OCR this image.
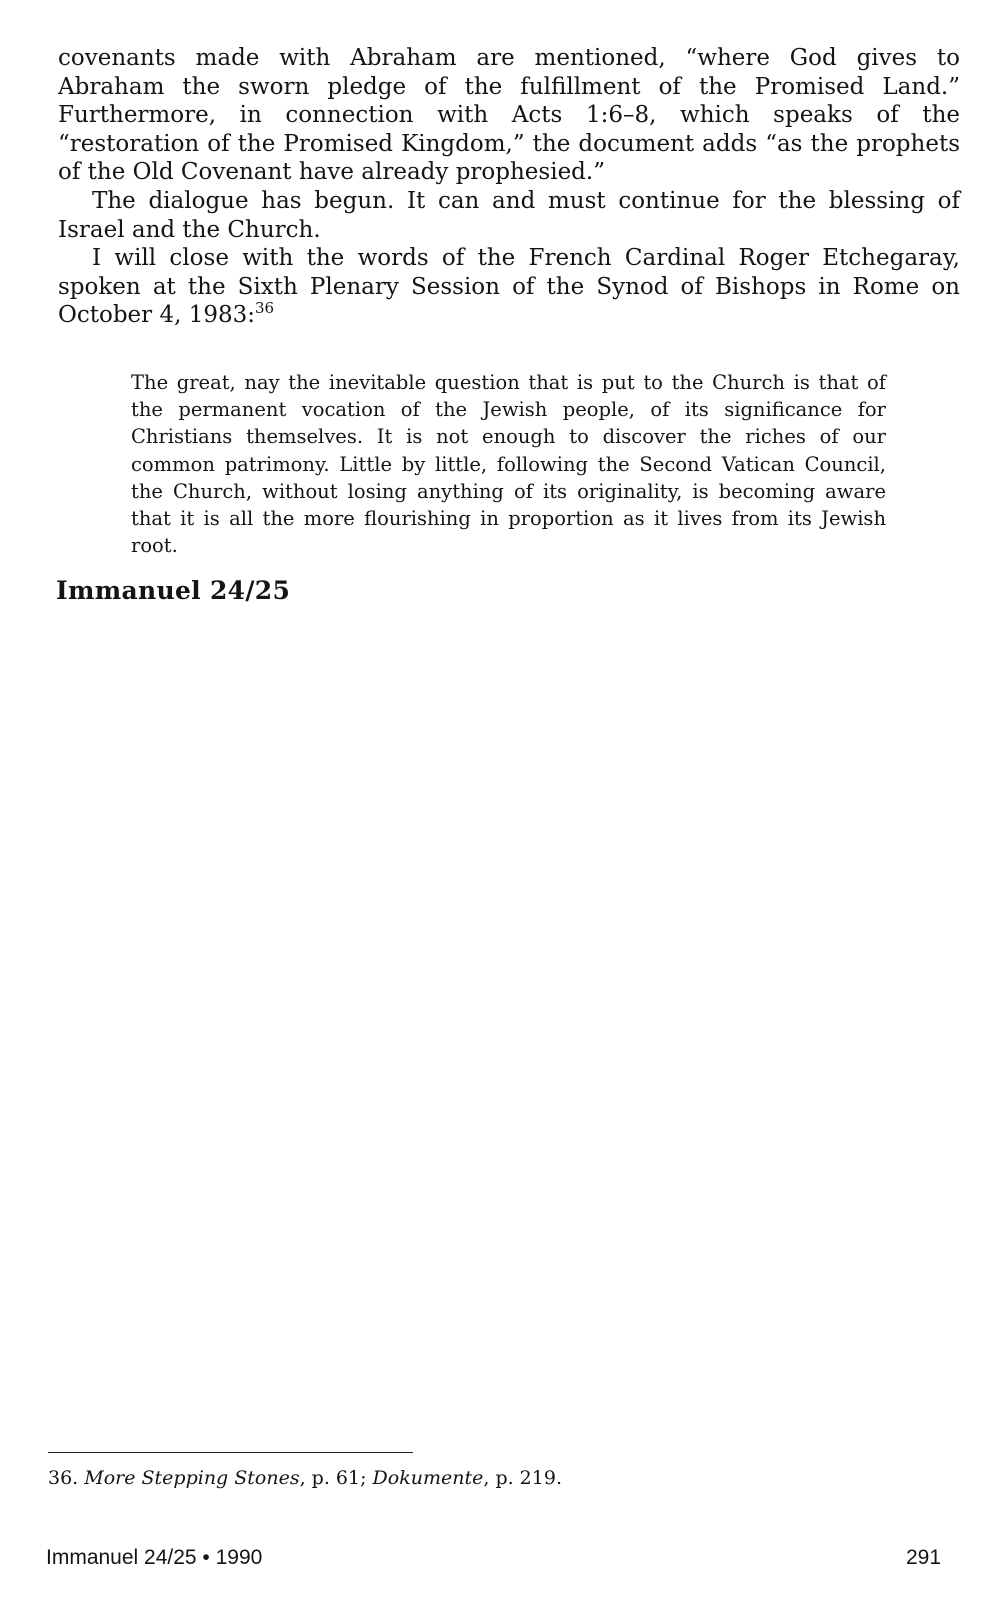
covenants made with Abraham are mentioned, “where God gives to Abraham the sworn pledge of the fulfillment of the Promised Land.” Furthermore, in connection with Acts 1:6–8, which speaks of the “restoration of the Promised Kingdom,” the document adds “as the prophets of the Old Covenant have already prophesied.”

The dialogue has begun. It can and must continue for the blessing of Israel and the Church.

I will close with the words of the French Cardinal Roger Etchegaray, spoken at the Sixth Plenary Session of the Synod of Bishops in Rome on October 4, 1983:$^{36}$

The great, nay the inevitable question that is put to the Church is that of the permanent vocation of the Jewish people, of its significance for Christians themselves. It is not enough to discover the riches of our common patrimony. Little by little, following the Second Vatican Council, the Church, without losing anything of its originality, is becoming aware that it is all the more flourishing in proportion as it lives from its Jewish root.
Immanuel 24/25

36. More Stepping Stones, p. 61; Dokumente, p. 219.

Immanuel 24/25 • 1990	291
